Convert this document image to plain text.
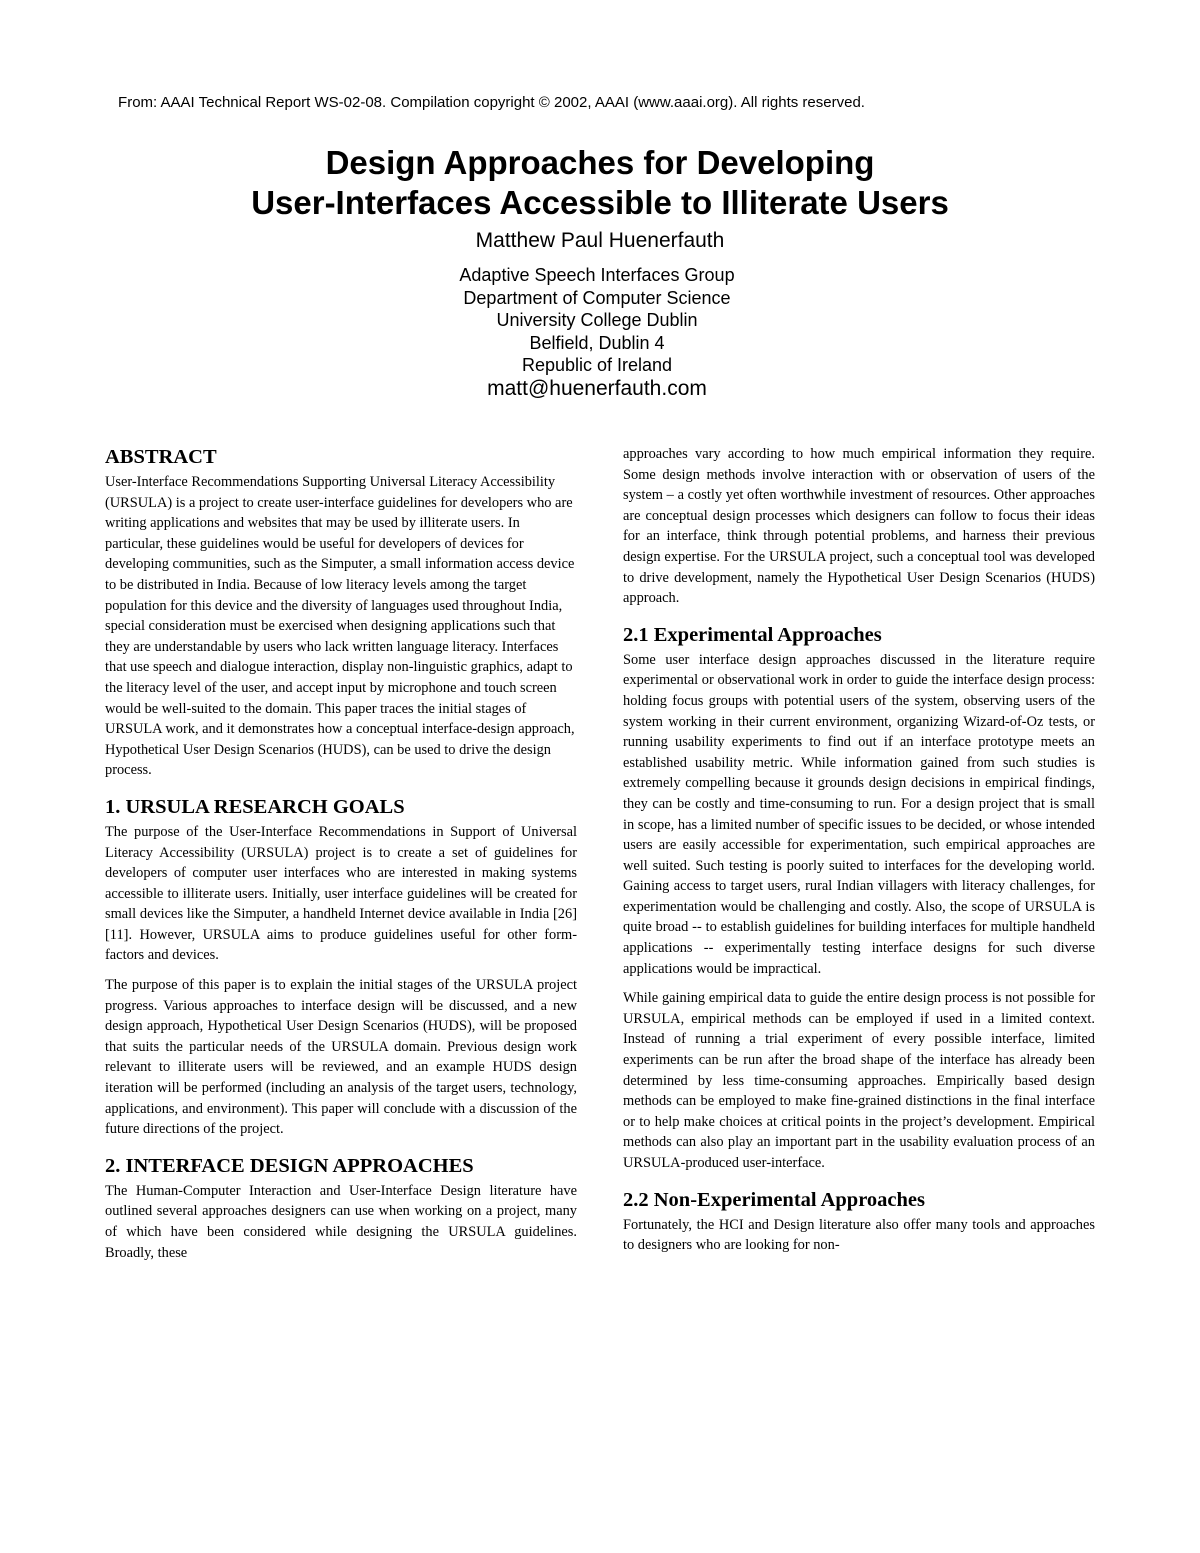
From: AAAI Technical Report WS-02-08. Compilation copyright © 2002, AAAI (www.aaai.org). All rights reserved.
Design Approaches for Developing
User-Interfaces Accessible to Illiterate Users
Matthew Paul Huenerfauth
Adaptive Speech Interfaces Group
Department of Computer Science
University College Dublin
Belfield, Dublin 4
Republic of Ireland
matt@huenerfauth.com
ABSTRACT

User-Interface Recommendations Supporting Universal Literacy Accessibility (URSULA) is a project to create user-interface guidelines for developers who are writing applications and websites that may be used by illiterate users. In particular, these guidelines would be useful for developers of devices for developing communities, such as the Simputer, a small information access device to be distributed in India. Because of low literacy levels among the target population for this device and the diversity of languages used throughout India, special consideration must be exercised when designing applications such that they are understandable by users who lack written language literacy. Interfaces that use speech and dialogue interaction, display non-linguistic graphics, adapt to the literacy level of the user, and accept input by microphone and touch screen would be well-suited to the domain. This paper traces the initial stages of URSULA work, and it demonstrates how a conceptual interface-design approach, Hypothetical User Design Scenarios (HUDS), can be used to drive the design process.

1. URSULA RESEARCH GOALS

The purpose of the User-Interface Recommendations in Support of Universal Literacy Accessibility (URSULA) project is to create a set of guidelines for developers of computer user interfaces who are interested in making systems accessible to illiterate users. Initially, user interface guidelines will be created for small devices like the Simputer, a handheld Internet device available in India [26] [11]. However, URSULA aims to produce guidelines useful for other form-factors and devices.

The purpose of this paper is to explain the initial stages of the URSULA project progress. Various approaches to interface design will be discussed, and a new design approach, Hypothetical User Design Scenarios (HUDS), will be proposed that suits the particular needs of the URSULA domain. Previous design work relevant to illiterate users will be reviewed, and an example HUDS design iteration will be performed (including an analysis of the target users, technology, applications, and environment). This paper will conclude with a discussion of the future directions of the project.

2. INTERFACE DESIGN APPROACHES

The Human-Computer Interaction and User-Interface Design literature have outlined several approaches designers can use when working on a project, many of which have been considered while designing the URSULA guidelines. Broadly, these

approaches vary according to how much empirical information they require. Some design methods involve interaction with or observation of users of the system – a costly yet often worthwhile investment of resources. Other approaches are conceptual design processes which designers can follow to focus their ideas for an interface, think through potential problems, and harness their previous design expertise. For the URSULA project, such a conceptual tool was developed to drive development, namely the Hypothetical User Design Scenarios (HUDS) approach.

2.1 Experimental Approaches

Some user interface design approaches discussed in the literature require experimental or observational work in order to guide the interface design process: holding focus groups with potential users of the system, observing users of the system working in their current environment, organizing Wizard-of-Oz tests, or running usability experiments to find out if an interface prototype meets an established usability metric. While information gained from such studies is extremely compelling because it grounds design decisions in empirical findings, they can be costly and time-consuming to run. For a design project that is small in scope, has a limited number of specific issues to be decided, or whose intended users are easily accessible for experimentation, such empirical approaches are well suited. Such testing is poorly suited to interfaces for the developing world. Gaining access to target users, rural Indian villagers with literacy challenges, for experimentation would be challenging and costly. Also, the scope of URSULA is quite broad -- to establish guidelines for building interfaces for multiple handheld applications -- experimentally testing interface designs for such diverse applications would be impractical.

While gaining empirical data to guide the entire design process is not possible for URSULA, empirical methods can be employed if used in a limited context. Instead of running a trial experiment of every possible interface, limited experiments can be run after the broad shape of the interface has already been determined by less time-consuming approaches. Empirically based design methods can be employed to make fine-grained distinctions in the final interface or to help make choices at critical points in the project’s development. Empirical methods can also play an important part in the usability evaluation process of an URSULA-produced user-interface.

2.2 Non-Experimental Approaches

Fortunately, the HCI and Design literature also offer many tools and approaches to designers who are looking for non-
